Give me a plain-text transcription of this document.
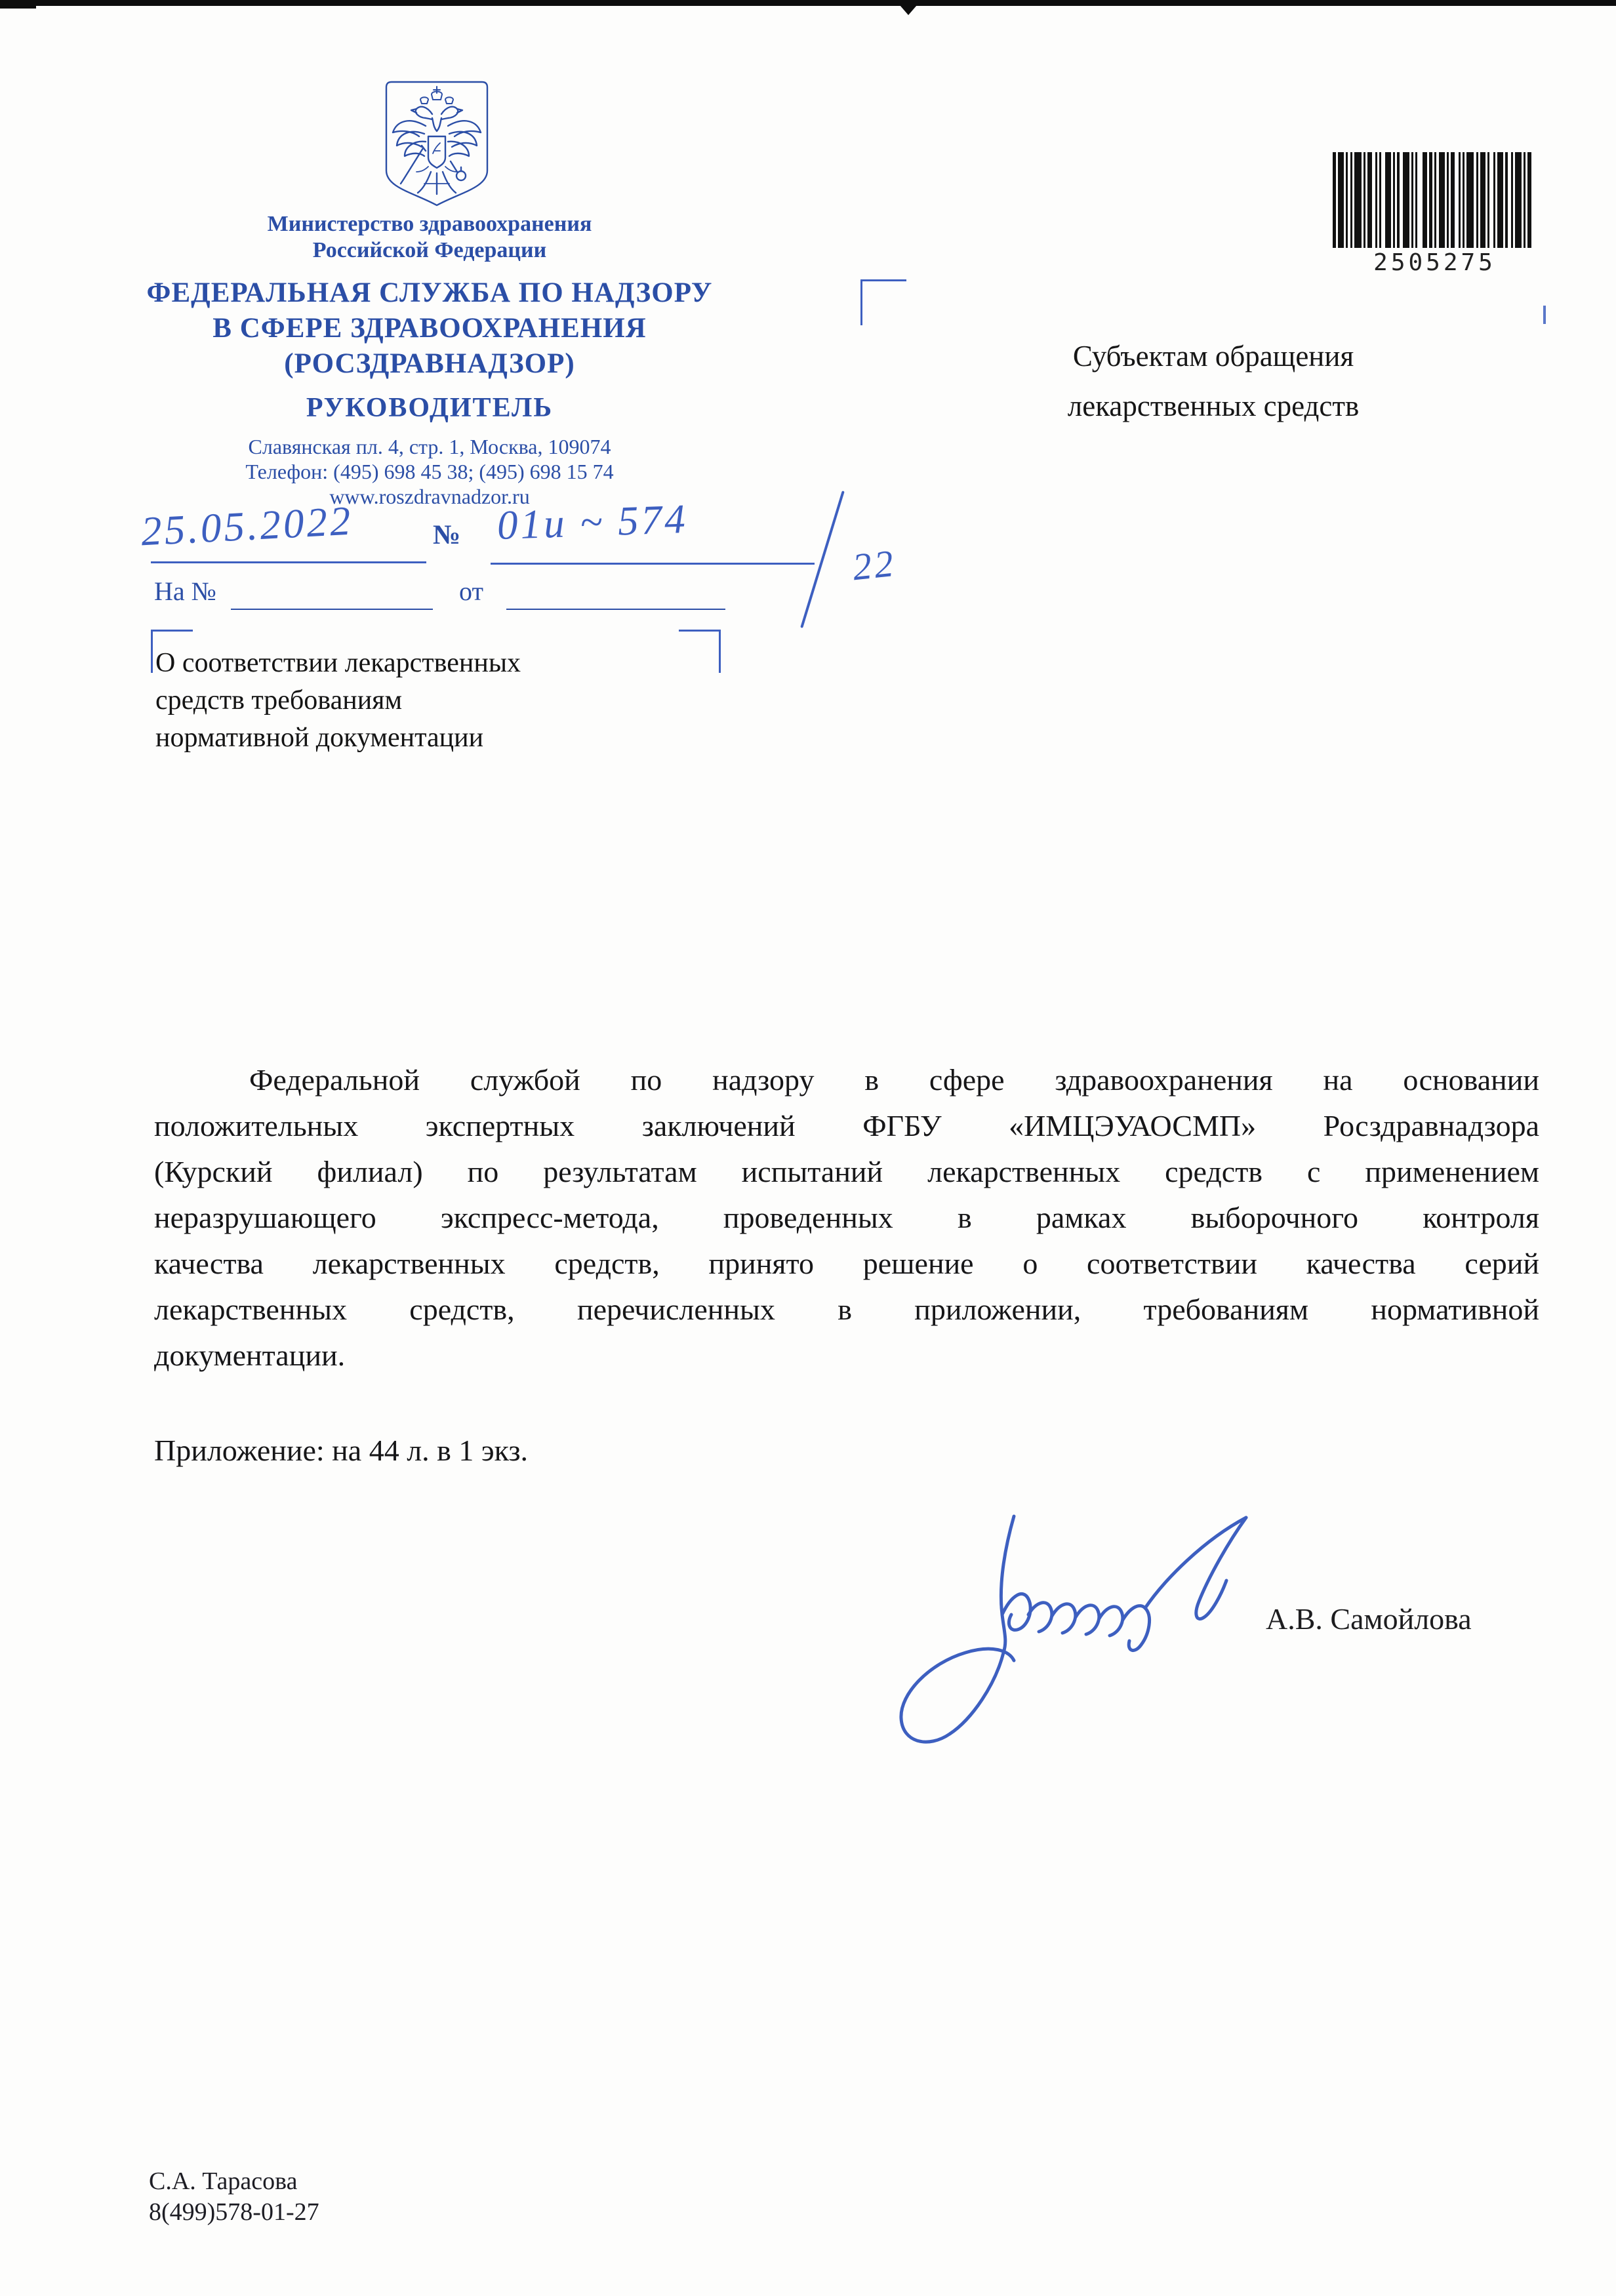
Министерство здравоохранения
Российской Федерации
ФЕДЕРАЛЬНАЯ СЛУЖБА ПО НАДЗОРУ
В СФЕРЕ ЗДРАВООХРАНЕНИЯ
(РОСЗДРАВНАДЗОР)
РУКОВОДИТЕЛЬ
Славянская пл. 4, стр. 1, Москва, 109074
Телефон: (495) 698 45 38; (495) 698 15 74
www.roszdravnadzor.ru
2505275
Субъектам обращения
лекарственных средств
25.05.2022	№ 01и ~ 574
22
На №	от
О соответствии лекарственных
средств требованиям
нормативной документации
Федеральной службой по надзору в сфере здравоохранения на основании
положительных экспертных заключений ФГБУ «ИМЦЭУАОСМП» Росздравнадзора
(Курский филиал) по результатам испытаний лекарственных средств с применением
неразрушающего экспресс-метода, проведенных в рамках выборочного контроля
качества лекарственных средств, принято решение о соответствии качества серий
лекарственных средств, перечисленных в приложении, требованиям нормативной
документации.
Приложение: на 44 л. в 1 экз.
А.В. Самойлова
С.А. Тарасова
8(499)578-01-27
